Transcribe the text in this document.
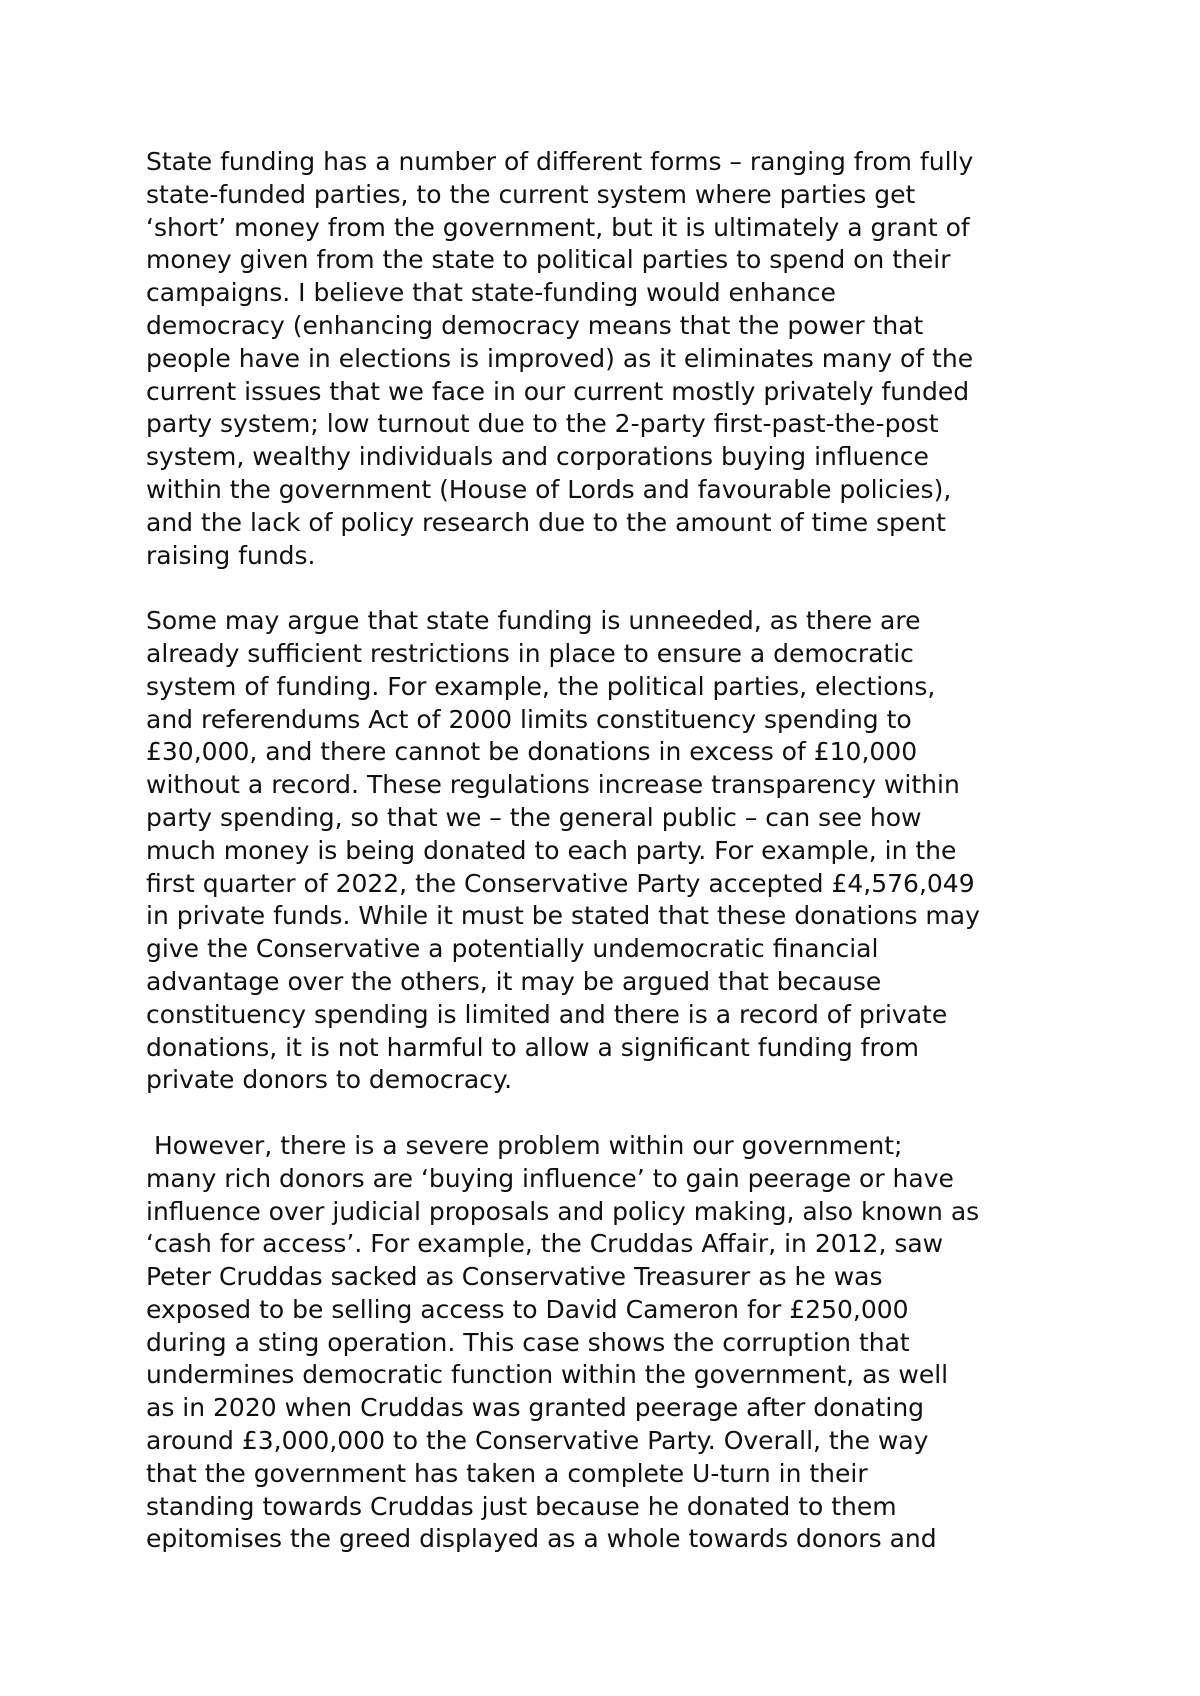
State funding has a number of different forms – ranging from fully
state-funded parties, to the current system where parties get
‘short’ money from the government, but it is ultimately a grant of
money given from the state to political parties to spend on their
campaigns. I believe that state-funding would enhance
democracy (enhancing democracy means that the power that
people have in elections is improved) as it eliminates many of the
current issues that we face in our current mostly privately funded
party system; low turnout due to the 2-party first-past-the-post
system, wealthy individuals and corporations buying influence
within the government (House of Lords and favourable policies),
and the lack of policy research due to the amount of time spent
raising funds.

Some may argue that state funding is unneeded, as there are
already sufficient restrictions in place to ensure a democratic
system of funding. For example, the political parties, elections,
and referendums Act of 2000 limits constituency spending to
£30,000, and there cannot be donations in excess of £10,000
without a record. These regulations increase transparency within
party spending, so that we – the general public – can see how
much money is being donated to each party. For example, in the
first quarter of 2022, the Conservative Party accepted £4,576,049
in private funds. While it must be stated that these donations may
give the Conservative a potentially undemocratic financial
advantage over the others, it may be argued that because
constituency spending is limited and there is a record of private
donations, it is not harmful to allow a significant funding from
private donors to democracy.

However, there is a severe problem within our government;
many rich donors are ‘buying influence’ to gain peerage or have
influence over judicial proposals and policy making, also known as
‘cash for access’. For example, the Cruddas Affair, in 2012, saw
Peter Cruddas sacked as Conservative Treasurer as he was
exposed to be selling access to David Cameron for £250,000
during a sting operation. This case shows the corruption that
undermines democratic function within the government, as well
as in 2020 when Cruddas was granted peerage after donating
around £3,000,000 to the Conservative Party. Overall, the way
that the government has taken a complete U-turn in their
standing towards Cruddas just because he donated to them
epitomises the greed displayed as a whole towards donors and
